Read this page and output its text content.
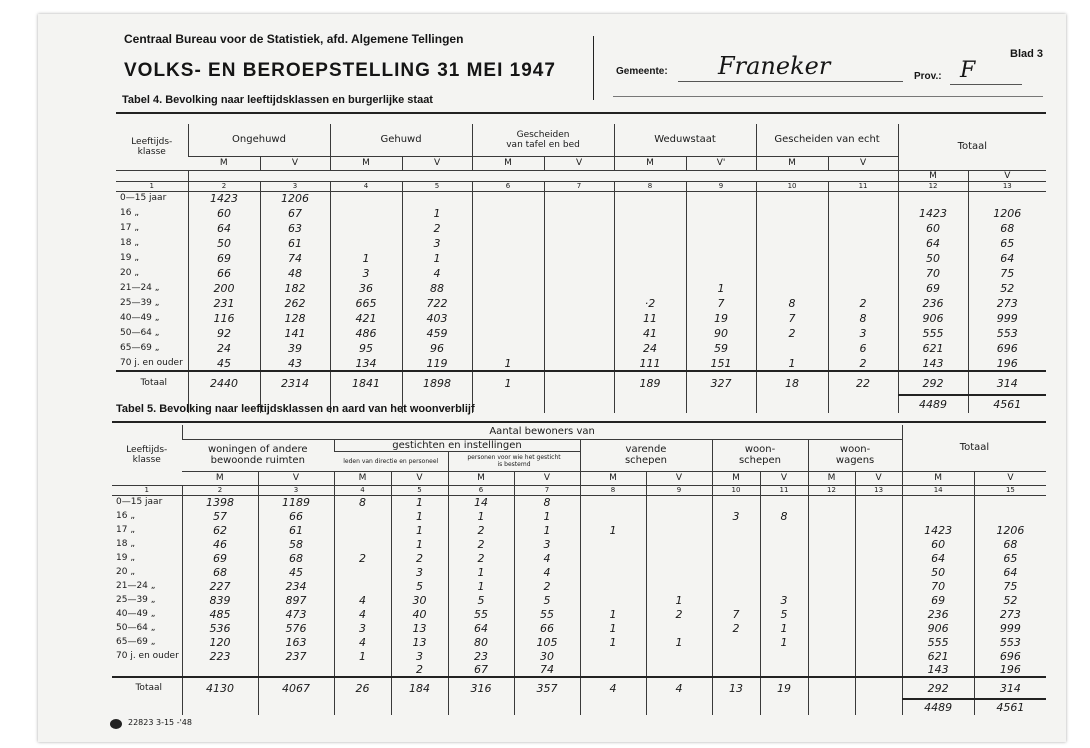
Centraal Bureau voor de Statistiek, afd. Algemene Tellingen
VOLKS- EN BEROEPSTELLING 31 MEI 1947	Gemeente: Franeker	Prov.: F
Blad 3
Tabel 4. Bevolking naar leeftijdsklassen en burgerlijke staat
Leeftijds-
klasse	Ongehuwd		Gehuwd		Gescheiden
van tafel en bed		Weduwstaat		Gescheiden van echt		Totaal	
	M	V	M	V	M	V	M	V'	M	V		
											M	V
1	2	3	4	5	6	7	8	9	10	11	12	13
0—15 jaar	1423	1206										
16 „	60	67		1							1423	1206
17 „	64	63		2							60	68
18 „	50	61		3							64	65
19 „	69	74	1	1							50	64
20 „	66	48	3	4							70	75
21—24 „	200	182	36	88				1			69	52
25—39 „	231	262	665	722			·2	7	8	2	236	273
40—49 „	116	128	421	403			11	19	7	8	906	999
50—64 „	92	141	486	459			41	90	2	3	555	553
65—69 „	24	39	95	96			24	59		6	621	696
70 j. en ouder	45	43	134	119	1		111	151	1	2	143	196
Totaal	2440	2314	1841	1898	1		189	327	18	22	292	314
											4489	4561
Tabel 5. Bevolking naar leeftijdsklassen en aard van het woonverblijf
Leeftijds-
klasse	Aantal bewoners van												Totaal	
	woningen of andere
bewoonde ruimten		gestichten en instellingen				varende
schepen		woon-
schepen		woon-
wagens			
			leden van directie en personeel		personen voor wie het gesticht
is bestemd									
	M	V	M	V	M	V	M	V	M	V	M	V	M	V
1	2	3	4	5	6	7	8	9	10	11	12	13	14	15
0—15 jaar	1398	1189	8	1	14	8								
16 „	57	66		1	1	1			3	8				
17 „	62	61		1	2	1	1						1423	1206
18 „	46	58		1	2	3							60	68
19 „	69	68	2	2	2	4							64	65
20 „	68	45		3	1	4							50	64
21—24 „	227	234		5	1	2							70	75
25—39 „	839	897	4	30	5	5		1		3			69	52
40—49 „	485	473	4	40	55	55	1	2	7	5			236	273
50—64 „	536	576	3	13	64	66	1		2	1			906	999
65—69 „	120	163	4	13	80	105	1	1		1			555	553
70 j. en ouder	223	237	1	3	23	30							621	696
				2	67	74							143	196
Totaal	4130	4067	26	184	316	357	4	4	13	19			292	314
													4489	4561
22823 3-15 -'48
